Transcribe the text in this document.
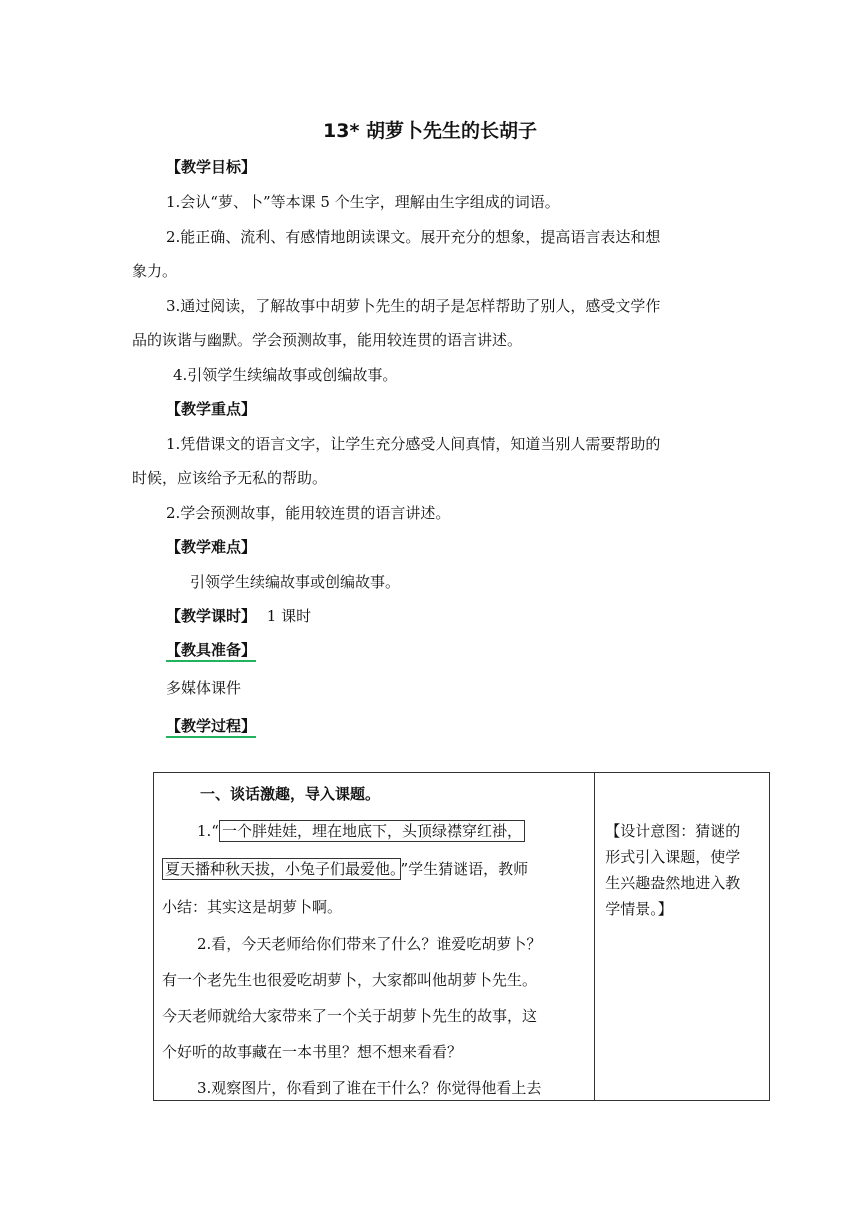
13* 胡萝卜先生的长胡子
【教学目标】
1.会认“萝、卜”等本课 5 个生字，理解由生字组成的词语。
2.能正确、流利、有感情地朗读课文。展开充分的想象，提高语言表达和想
象力。
3.通过阅读，了解故事中胡萝卜先生的胡子是怎样帮助了别人，感受文学作
品的诙谐与幽默。学会预测故事，能用较连贯的语言讲述。
4.引领学生续编故事或创编故事。
【教学重点】
1.凭借课文的语言文字，让学生充分感受人间真情，知道当别人需要帮助的
时候，应该给予无私的帮助。
2.学会预测故事，能用较连贯的语言讲述。
【教学难点】
引领学生续编故事或创编故事。
【教学课时】 1 课时
【教具准备】
多媒体课件
【教学过程】
一、谈话激趣，导入课题。
1.“ 一个胖娃娃，埋在地底下，头顶绿襟穿红褂，
夏天播种秋天拔，小兔子们最爱他。 ”学生猜谜语，教师
小结：其实这是胡萝卜啊。
2.看，今天老师给你们带来了什么？谁爱吃胡萝卜？
有一个老先生也很爱吃胡萝卜，大家都叫他胡萝卜先生。
今天老师就给大家带来了一个关于胡萝卜先生的故事，这
个好听的故事藏在一本书里？想不想来看看？
3.观察图片，你看到了谁在干什么？你觉得他看上去

【设计意图：猜谜的
形式引入课题，使学
生兴趣盎然地进入教
学情景。】
